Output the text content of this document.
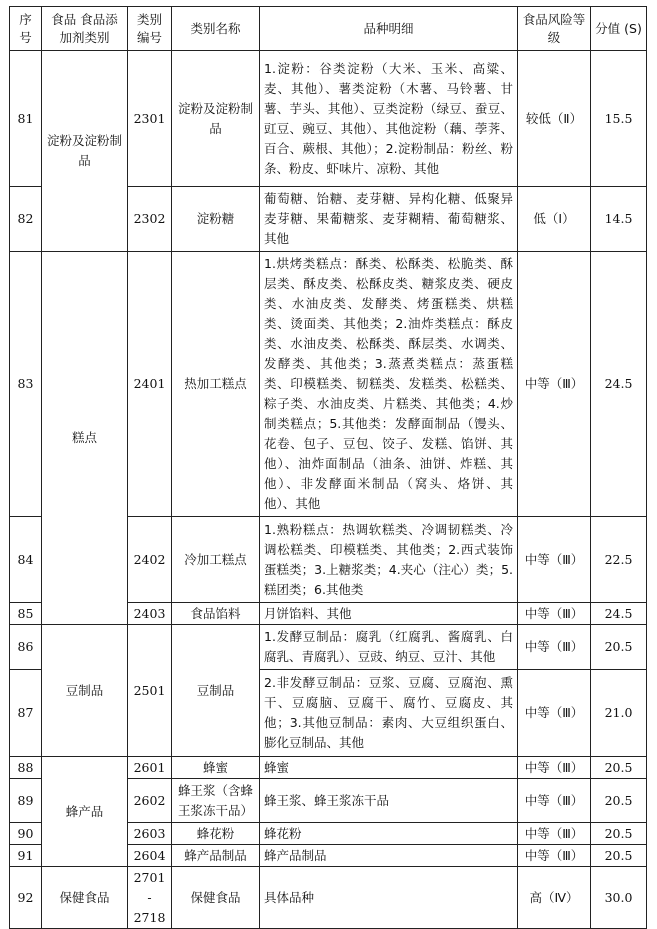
序号	食品 食品添加剂类别	类别编号	类别名称	品种明细	食品风险等级	分值 (S)
81	淀粉及淀粉制品	2301	淀粉及淀粉制品	1.淀粉：谷类淀粉（大米、玉米、高粱、麦、其他）、薯类淀粉（木薯、马铃薯、甘薯、芋头、其他）、豆类淀粉（绿豆、蚕豆、豇豆、豌豆、其他）、其他淀粉（藕、荸荠、百合、蕨根、其他）；2.淀粉制品：粉丝、粉条、粉皮、虾味片、凉粉、其他	较低（Ⅱ）	15.5
82		2302	淀粉糖	葡萄糖、饴糖、麦芽糖、异构化糖、低聚异麦芽糖、果葡糖浆、麦芽糊精、葡萄糖浆、其他	低（Ⅰ）	14.5
83	糕点	2401	热加工糕点	1.烘烤类糕点：酥类、松酥类、松脆类、酥层类、酥皮类、松酥皮类、糖浆皮类、硬皮类、水油皮类、发酵类、烤蛋糕类、烘糕类、烫面类、其他类；2.油炸类糕点：酥皮类、水油皮类、松酥类、酥层类、水调类、发酵类、其他类；3.蒸煮类糕点：蒸蛋糕类、印模糕类、韧糕类、发糕类、松糕类、粽子类、水油皮类、片糕类、其他类；4.炒制类糕点；5.其他类：发酵面制品（馒头、花卷、包子、豆包、饺子、发糕、馅饼、其他）、油炸面制品（油条、油饼、炸糕、其他）、非发酵面米制品（窝头、烙饼、其他）、其他	中等（Ⅲ）	24.5
84		2402	冷加工糕点	1.熟粉糕点：热调软糕类、冷调韧糕类、冷调松糕类、印模糕类、其他类；2.西式装饰蛋糕类；3.上糖浆类；4.夹心（注心）类；5.糕团类；6.其他类	中等（Ⅲ）	22.5
85		2403	食品馅料	月饼馅料、其他	中等（Ⅲ）	24.5
86	豆制品	2501	豆制品	1.发酵豆制品：腐乳（红腐乳、酱腐乳、白腐乳、青腐乳）、豆豉、纳豆、豆汁、其他	中等（Ⅲ）	20.5
87				2.非发酵豆制品：豆浆、豆腐、豆腐泡、熏干、豆腐脑、豆腐干、腐竹、豆腐皮、其他；3.其他豆制品：素肉、大豆组织蛋白、膨化豆制品、其他	中等（Ⅲ）	21.0
88	蜂产品	2601	蜂蜜	蜂蜜	中等（Ⅲ）	20.5
89		2602	蜂王浆（含蜂王浆冻干品）	蜂王浆、蜂王浆冻干品	中等（Ⅲ）	20.5
90		2603	蜂花粉	蜂花粉	中等（Ⅲ）	20.5
91		2604	蜂产品制品	蜂产品制品	中等（Ⅲ）	20.5
92	保健食品	2701 - 2718	保健食品	具体品种	高（Ⅳ）	30.0
